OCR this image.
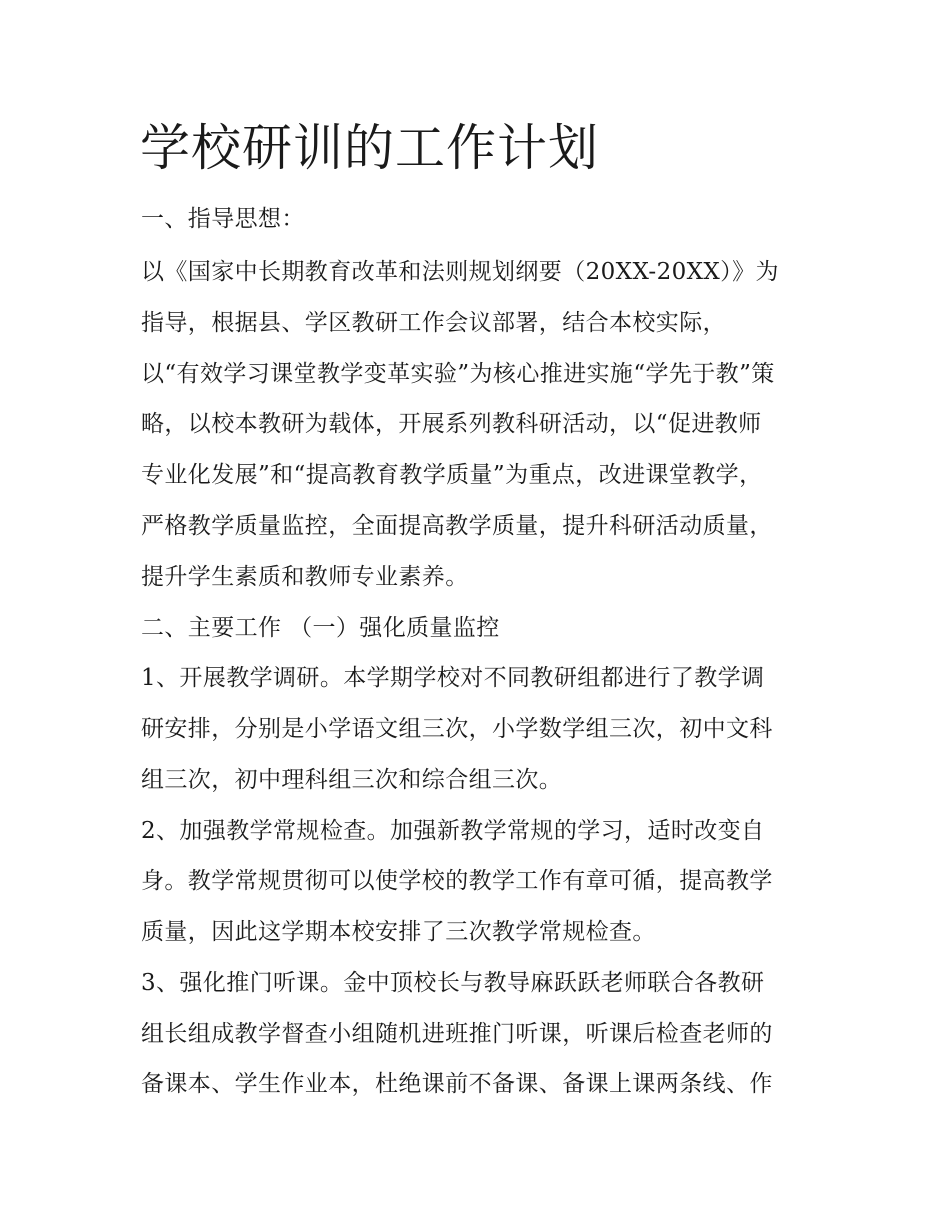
学校研训的工作计划
一、指导思想：
以《国家中长期教育改革和法则规划纲要（20XX-20XX）》为
指导，根据县、学区教研工作会议部署，结合本校实际，
以“有效学习课堂教学变革实验”为核心推进实施“学先于教”策
略，以校本教研为载体，开展系列教科研活动，以“促进教师
专业化发展”和“提高教育教学质量”为重点，改进课堂教学，
严格教学质量监控，全面提高教学质量，提升科研活动质量，
提升学生素质和教师专业素养。
二、主要工作 （一）强化质量监控
1、开展教学调研。本学期学校对不同教研组都进行了教学调
研安排，分别是小学语文组三次，小学数学组三次，初中文科
组三次，初中理科组三次和综合组三次。
2、加强教学常规检查。加强新教学常规的学习，适时改变自
身。教学常规贯彻可以使学校的教学工作有章可循，提高教学
质量，因此这学期本校安排了三次教学常规检查。
3、强化推门听课。金中顶校长与教导麻跃跃老师联合各教研
组长组成教学督查小组随机进班推门听课，听课后检查老师的
备课本、学生作业本，杜绝课前不备课、备课上课两条线、作
